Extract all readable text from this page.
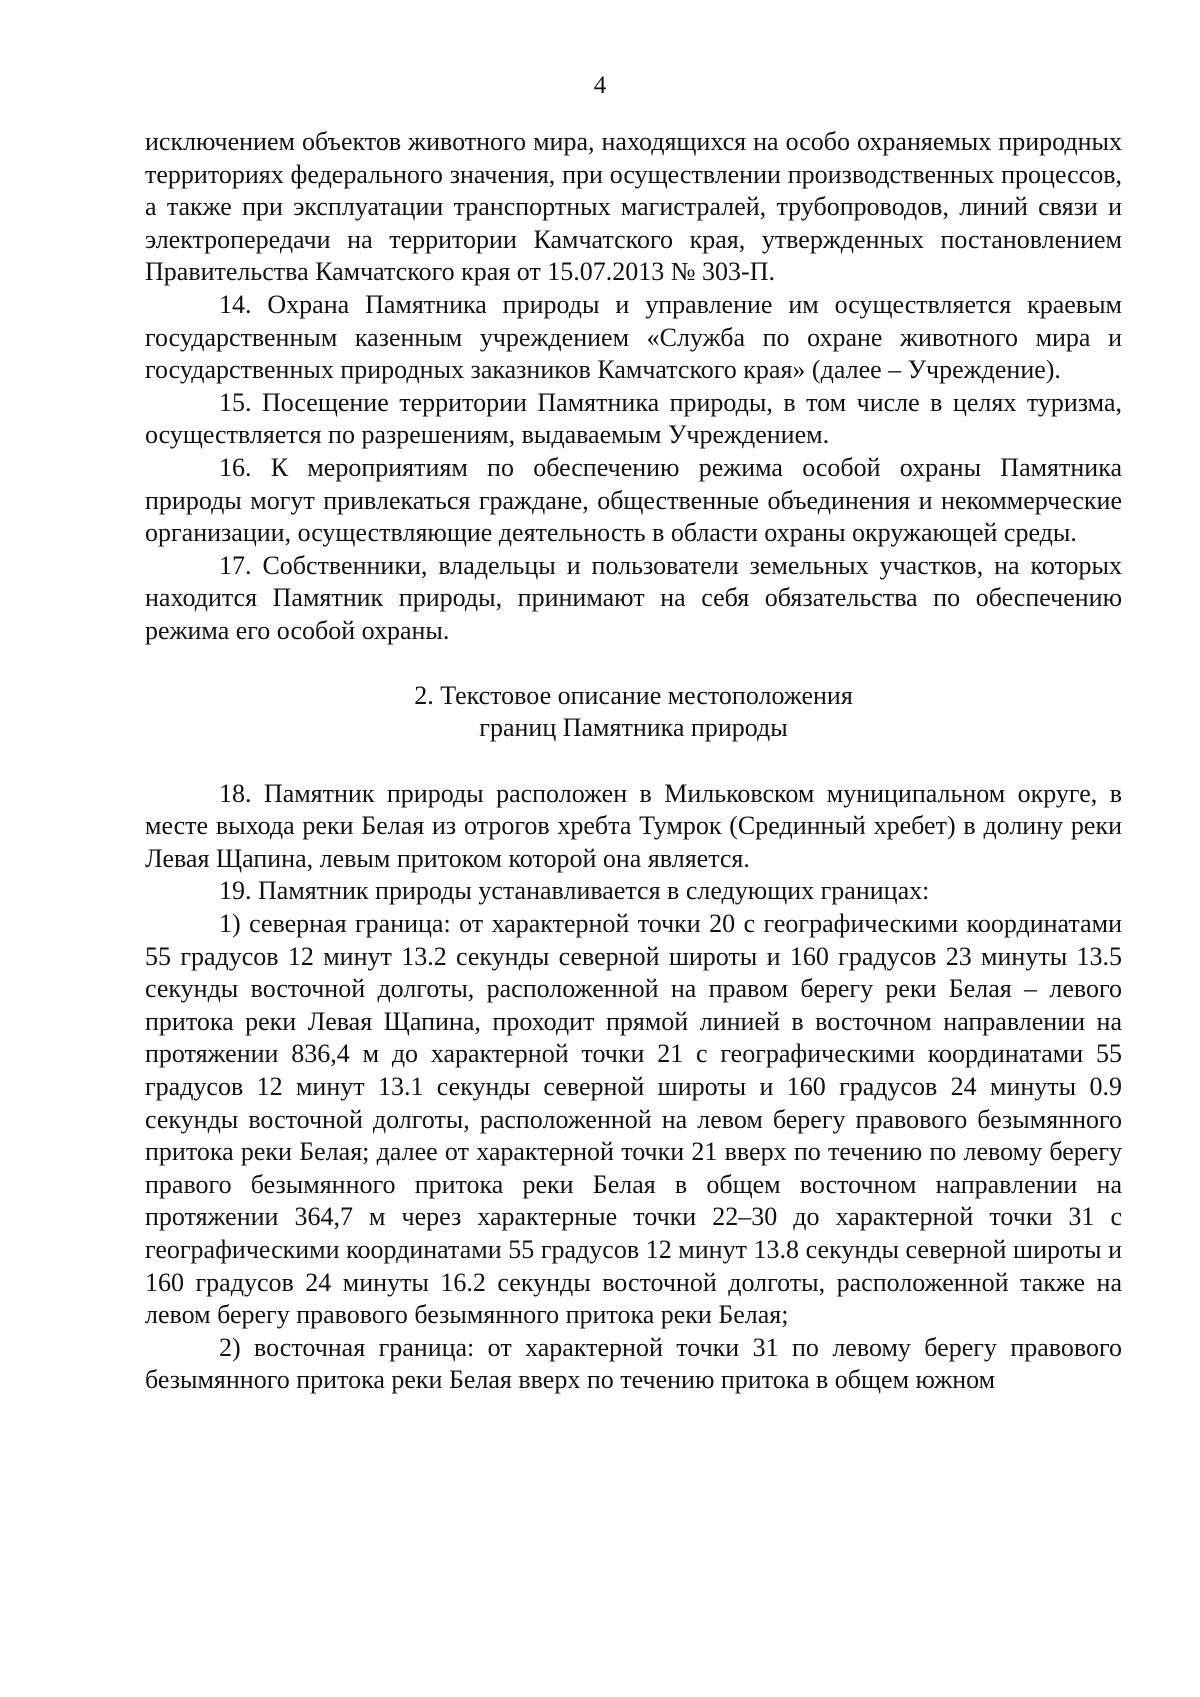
4

исключением объектов животного мира, находящихся на особо охраняемых природных территориях федерального значения, при осуществлении производственных процессов, а также при эксплуатации транспортных магистралей, трубопроводов, линий связи и электропередачи на территории Камчатского края, утвержденных постановлением Правительства Камчатского края от 15.07.2013 № 303-П.

14. Охрана Памятника природы и управление им осуществляется краевым государственным казенным учреждением «Служба по охране животного мира и государственных природных заказников Камчатского края» (далее – Учреждение).

15. Посещение территории Памятника природы, в том числе в целях туризма, осуществляется по разрешениям, выдаваемым Учреждением.

16. К мероприятиям по обеспечению режима особой охраны Памятника природы могут привлекаться граждане, общественные объединения и некоммерческие организации, осуществляющие деятельность в области охраны окружающей среды.

17. Собственники, владельцы и пользователи земельных участков, на которых находится Памятник природы, принимают на себя обязательства по обеспечению режима его особой охраны.

2. Текстовое описание местоположения
границ Памятника природы

18. Памятник природы расположен в Мильковском муниципальном округе, в месте выхода реки Белая из отрогов хребта Тумрок (Срединный хребет) в долину реки Левая Щапина, левым притоком которой она является.

19. Памятник природы устанавливается в следующих границах:

1) северная граница: от характерной точки 20 с географическими координатами 55 градусов 12 минут 13.2 секунды северной широты и 160 градусов 23 минуты 13.5 секунды восточной долготы, расположенной на правом берегу реки Белая – левого притока реки Левая Щапина, проходит прямой линией в восточном направлении на протяжении 836,4 м до характерной точки 21 с географическими координатами 55 градусов 12 минут 13.1 секунды северной широты и 160 градусов 24 минуты 0.9 секунды восточной долготы, расположенной на левом берегу правового безымянного притока реки Белая; далее от характерной точки 21 вверх по течению по левому берегу правого безымянного притока реки Белая в общем восточном направлении на протяжении 364,7 м через характерные точки 22–30 до характерной точки 31 с географическими координатами 55 градусов 12 минут 13.8 секунды северной широты и 160 градусов 24 минуты 16.2 секунды восточной долготы, расположенной также на левом берегу правового безымянного притока реки Белая;

2) восточная граница: от характерной точки 31 по левому берегу правового безымянного притока реки Белая вверх по течению притока в общем южном
